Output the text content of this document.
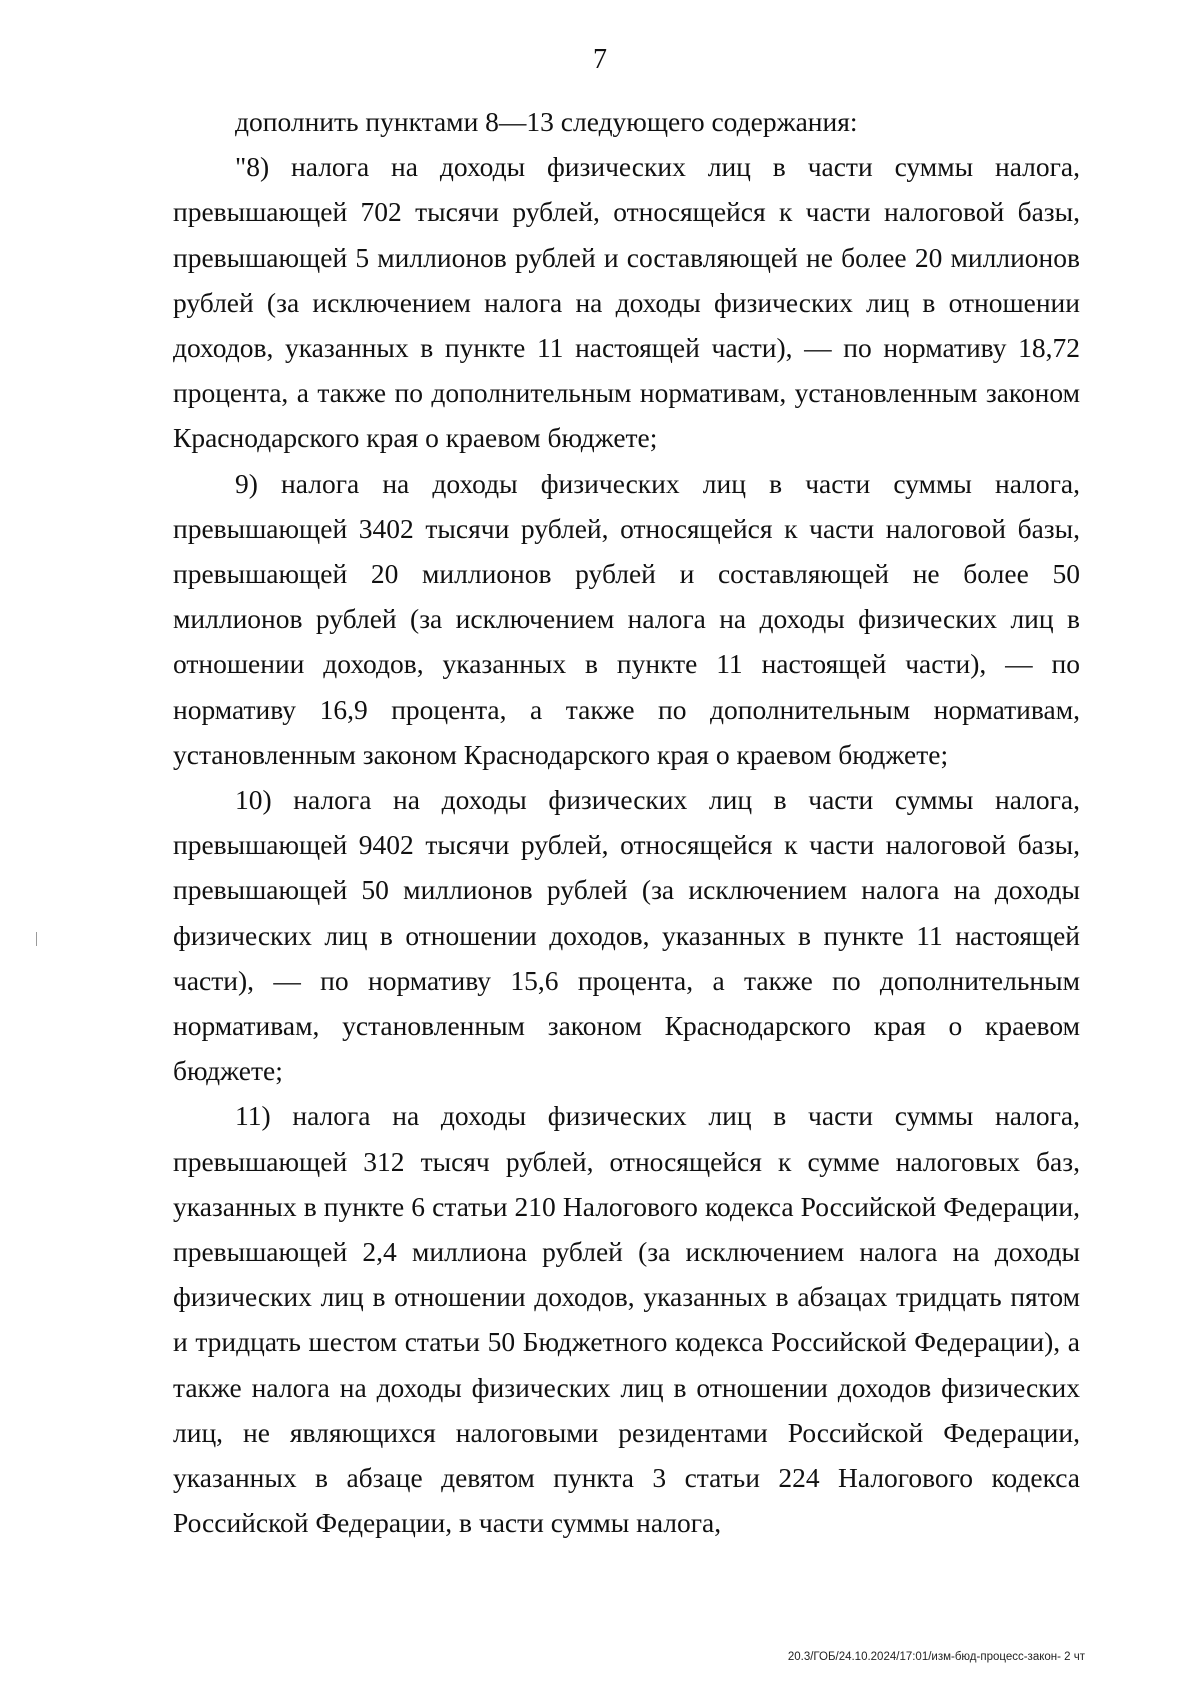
7

дополнить пунктами 8—13 следующего содержания:

"8) налога на доходы физических лиц в части суммы налога, превышающей 702 тысячи рублей, относящейся к части налоговой базы, превышающей 5 миллионов рублей и составляющей не более 20 миллионов рублей (за исключением налога на доходы физических лиц в отношении доходов, указанных в пункте 11 настоящей части), — по нормативу 18,72 процента, а также по дополнительным нормативам, установленным законом Краснодарского края о краевом бюджете;

9) налога на доходы физических лиц в части суммы налога, превышающей 3402 тысячи рублей, относящейся к части налоговой базы, превышающей 20 миллионов рублей и составляющей не более 50 миллионов рублей (за исключением налога на доходы физических лиц в отношении доходов, указанных в пункте 11 настоящей части), — по нормативу 16,9 процента, а также по дополнительным нормативам, установленным законом Краснодарского края о краевом бюджете;

10) налога на доходы физических лиц в части суммы налога, превышающей 9402 тысячи рублей, относящейся к части налоговой базы, превышающей 50 миллионов рублей (за исключением налога на доходы физических лиц в отношении доходов, указанных в пункте 11 настоящей части), — по нормативу 15,6 процента, а также по дополнительным нормативам, установленным законом Краснодарского края о краевом бюджете;

11) налога на доходы физических лиц в части суммы налога, превышающей 312 тысяч рублей, относящейся к сумме налоговых баз, указанных в пункте 6 статьи 210 Налогового кодекса Российской Федерации, превышающей 2,4 миллиона рублей (за исключением налога на доходы физических лиц в отношении доходов, указанных в абзацах тридцать пятом и тридцать шестом статьи 50 Бюджетного кодекса Российской Федерации), а также налога на доходы физических лиц в отношении доходов физических лиц, не являющихся налоговыми резидентами Российской Федерации, указанных в абзаце девятом пункта 3 статьи 224 Налогового кодекса Российской Федерации, в части суммы налога,

20.3/ГОБ/24.10.2024/17:01/изм-бюд-процесс-закон- 2 чт
